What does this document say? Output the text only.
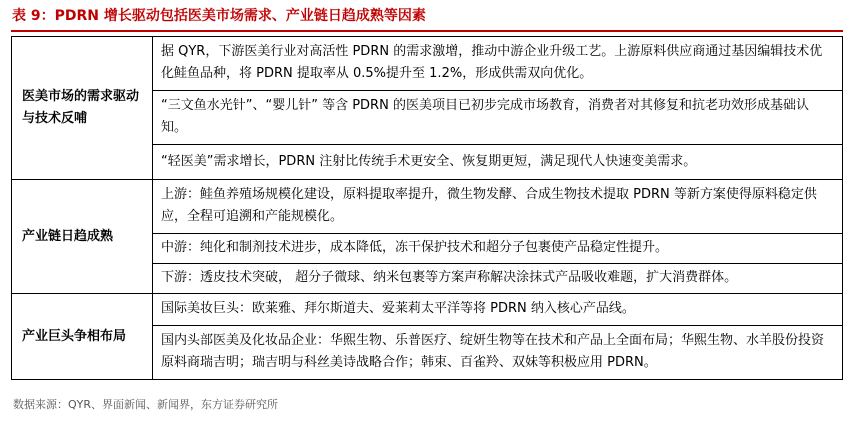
表 9：PDRN 增长驱动包括医美市场需求、产业链日趋成熟等因素
医美市场的需求驱动与技术反哺	据 QYR，下游医美行业对高活性 PDRN 的需求激增，推动中游企业升级工艺。上游原料供应商通过基因编辑技术优化鲑鱼品种，将 PDRN 提取率从 0.5%提升至 1.2%，形成供需双向优化。
	“三文鱼水光针”、“婴儿针” 等含 PDRN 的医美项目已初步完成市场教育，消费者对其修复和抗老功效形成基础认知。
	“轻医美”需求增长，PDRN 注射比传统手术更安全、恢复期更短，满足现代人快速变美需求。
产业链日趋成熟	上游：鲑鱼养殖场规模化建设，原料提取率提升，微生物发酵、合成生物技术提取 PDRN 等新方案使得原料稳定供应，全程可追溯和产能规模化。
	中游：纯化和制剂技术进步，成本降低，冻干保护技术和超分子包裹使产品稳定性提升。
	下游：透皮技术突破， 超分子微球、纳米包裹等方案声称解决涂抹式产品吸收难题，扩大消费群体。
产业巨头争相布局	国际美妆巨头：欧莱雅、拜尔斯道夫、爱莱莉太平洋等将 PDRN 纳入核心产品线。
	国内头部医美及化妆品企业：华熙生物、乐普医疗、绽妍生物等在技术和产品上全面布局；华熙生物、水羊股份投资原料商瑞吉明；瑞吉明与科丝美诗战略合作；韩束、百雀羚、双妹等积极应用 PDRN。
数据来源：QYR、界面新闻、新闻界，东方证券研究所
